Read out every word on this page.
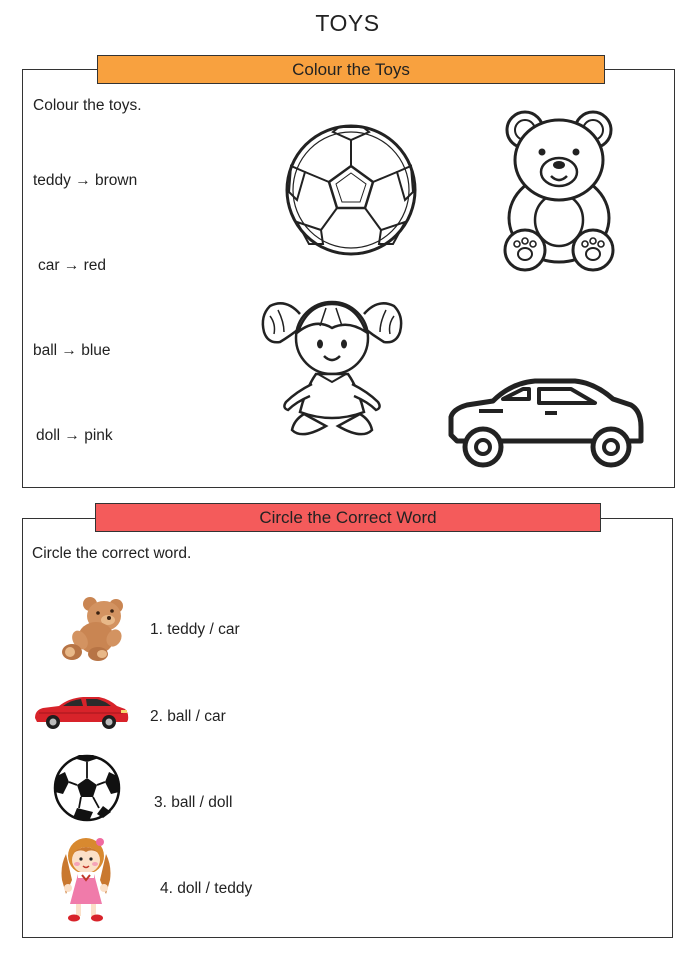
TOYS
Colour the Toys
Colour the toys.
teddy → brown
car → red
ball → blue
doll → pink
Circle the Correct Word
Circle the correct word.
1. teddy / car
2. ball / car
3. ball / doll
4. doll / teddy
